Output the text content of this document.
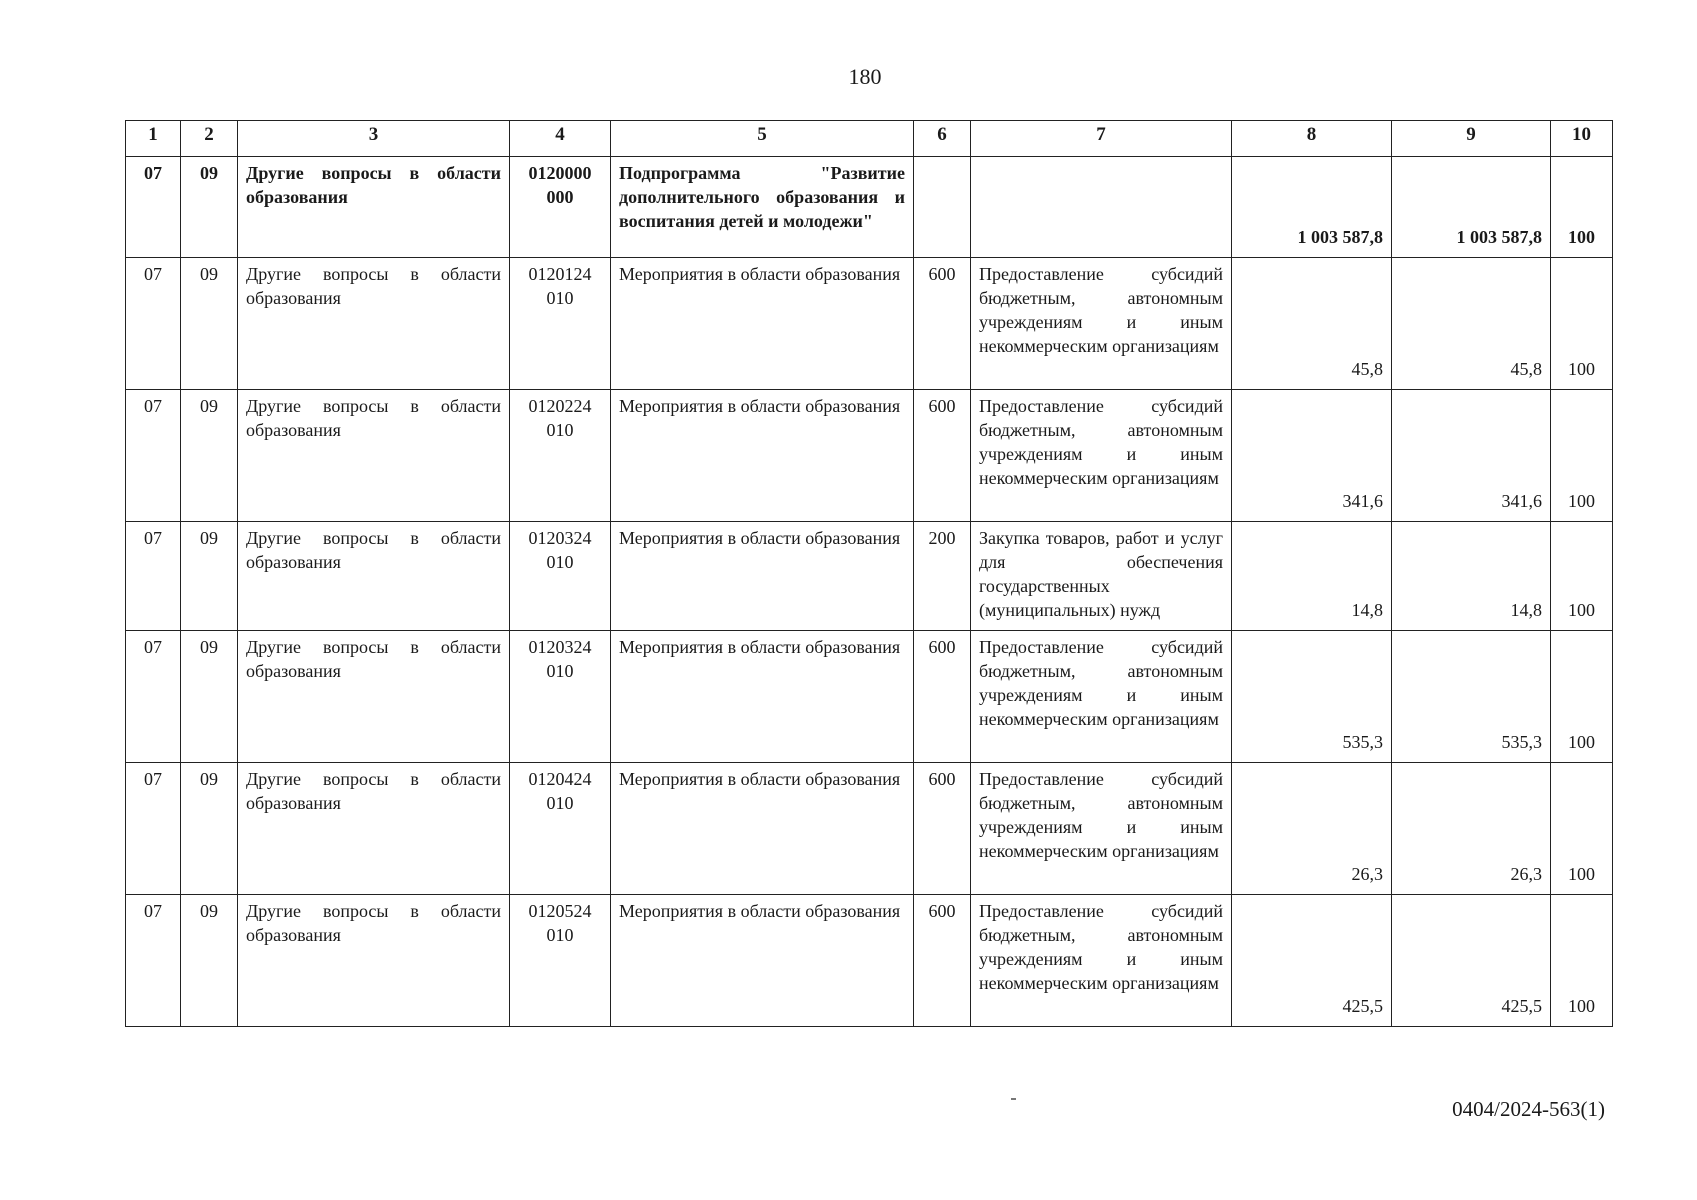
180
1	2	3	4	5	6	7	8	9	10
07	09	Другие вопросы в области образования	0120000 000	Подпрограмма "Развитие дополнительного образования и воспитания детей и молодежи"			1 003 587,8	1 003 587,8	100
07	09	Другие вопросы в области образования	0120124 010	Мероприятия в области образования	600	Предоставление субсидий бюджетным, автономным учреждениям и иным некоммерческим организациям	45,8	45,8	100
07	09	Другие вопросы в области образования	0120224 010	Мероприятия в области образования	600	Предоставление субсидий бюджетным, автономным учреждениям и иным некоммерческим организациям	341,6	341,6	100
07	09	Другие вопросы в области образования	0120324 010	Мероприятия в области образования	200	Закупка товаров, работ и услуг для обеспечения государственных (муниципальных) нужд	14,8	14,8	100
07	09	Другие вопросы в области образования	0120324 010	Мероприятия в области образования	600	Предоставление субсидий бюджетным, автономным учреждениям и иным некоммерческим организациям	535,3	535,3	100
07	09	Другие вопросы в области образования	0120424 010	Мероприятия в области образования	600	Предоставление субсидий бюджетным, автономным учреждениям и иным некоммерческим организациям	26,3	26,3	100
07	09	Другие вопросы в области образования	0120524 010	Мероприятия в области образования	600	Предоставление субсидий бюджетным, автономным учреждениям и иным некоммерческим организациям	425,5	425,5	100
0404/2024-563(1)
